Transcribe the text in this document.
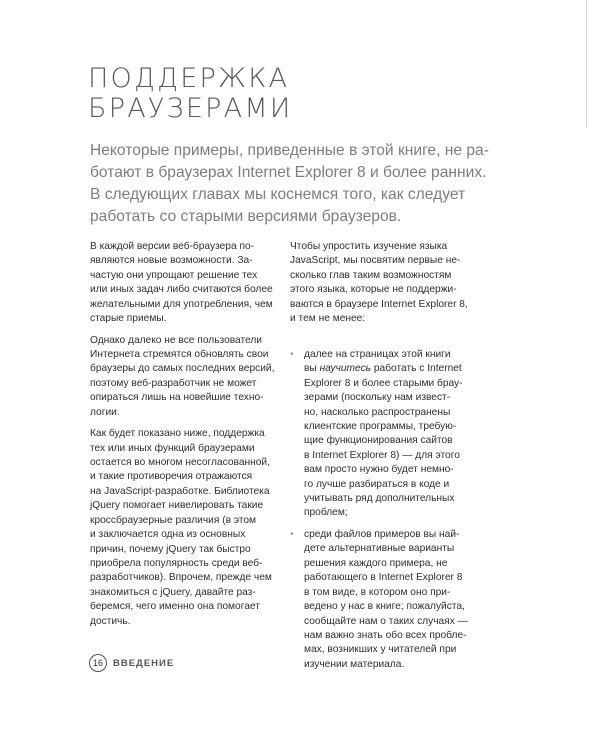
ПОДДЕРЖКА
БРАУЗЕРАМИ
Некоторые примеры, приведенные в этой книге, не ра-
ботают в браузерах Internet Explorer 8 и более ранних.
В следующих главах мы коснемся того, как следует
работать со старыми версиями браузеров.
В каждой версии веб-браузера по-
являются новые возможности. За-
частую они упрощают решение тех
или иных задач либо считаются более
желательными для употребления, чем
старые приемы.
Однако далеко не все пользователи
Интернета стремятся обновлять свои
браузеры до самых последних версий,
поэтому веб-разработчик не может
опираться лишь на новейшие техно-
логии.
Как будет показано ниже, поддержка
тех или иных функций браузерами
остается во многом несогласованной,
и такие противоречия отражаются
на JavaScript-разработке. Библиотека
jQuery помогает нивелировать такие
кроссбраузерные различия (в этом
и заключается одна из основных
причин, почему jQuery так быстро
приобрела популярность среди веб-
разработчиков). Впрочем, прежде чем
знакомиться с jQuery, давайте раз-
беремся, чего именно она помогает
достичь.
Чтобы упростить изучение языка
JavaScript, мы посвятим первые не-
сколько глав таким возможностям
этого языка, которые не поддержи-
ваются в браузере Internet Explorer 8,
и тем не менее:
• далее на страницах этой книги
вы научитесь работать с Internet
Explorer 8 и более старыми брау-
зерами (поскольку нам извест-
но, насколько распространены
клиентские программы, требую-
щие функционирования сайтов
в Internet Explorer 8) — для этого
вам просто нужно будет немно-
го лучше разбираться в коде и
учитывать ряд дополнительных
проблем;
• среди файлов примеров вы най-
дете альтернативные варианты
решения каждого примера, не
работающего в Internet Explorer 8
в том виде, в котором оно при-
ведено у нас в книге; пожалуйста,
сообщайте нам о таких случаях —
нам важно знать обо всех пробле-
мах, возникших у читателей при
изучении материала.
16	ВВЕДЕНИЕ
